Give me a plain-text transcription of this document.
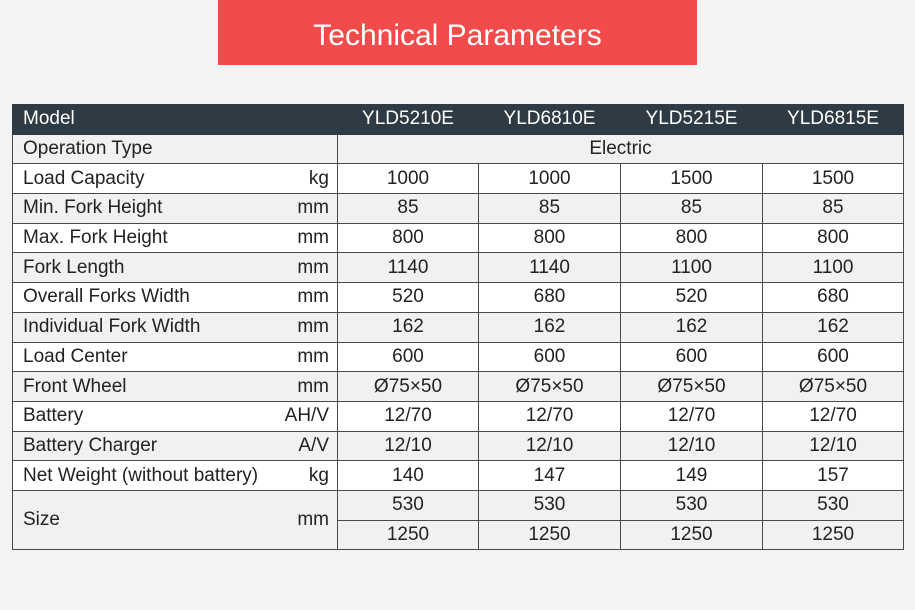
Technical Parameters
Model	YLD5210E	YLD6810E	YLD5215E	YLD6815E

Operation Type	Electric			

Load Capacity kg	1000	1000	1500	1500

Min. Fork Height mm	85	85	85	85

Max. Fork Height mm	800	800	800	800

Fork Length mm	1140	1140	1100	1100

Overall Forks Width mm	520	680	520	680

Individual Fork Width mm	162	162	162	162

Load Center mm	600	600	600	600

Front Wheel mm	Ø75×50	Ø75×50	Ø75×50	Ø75×50

Battery AH/V	12/70	12/70	12/70	12/70

Battery Charger A/V	12/10	12/10	12/10	12/10

Net Weight (without battery) kg	140	147	149	157

Size mm	530	530	530	530
	1250	1250	1250	1250
